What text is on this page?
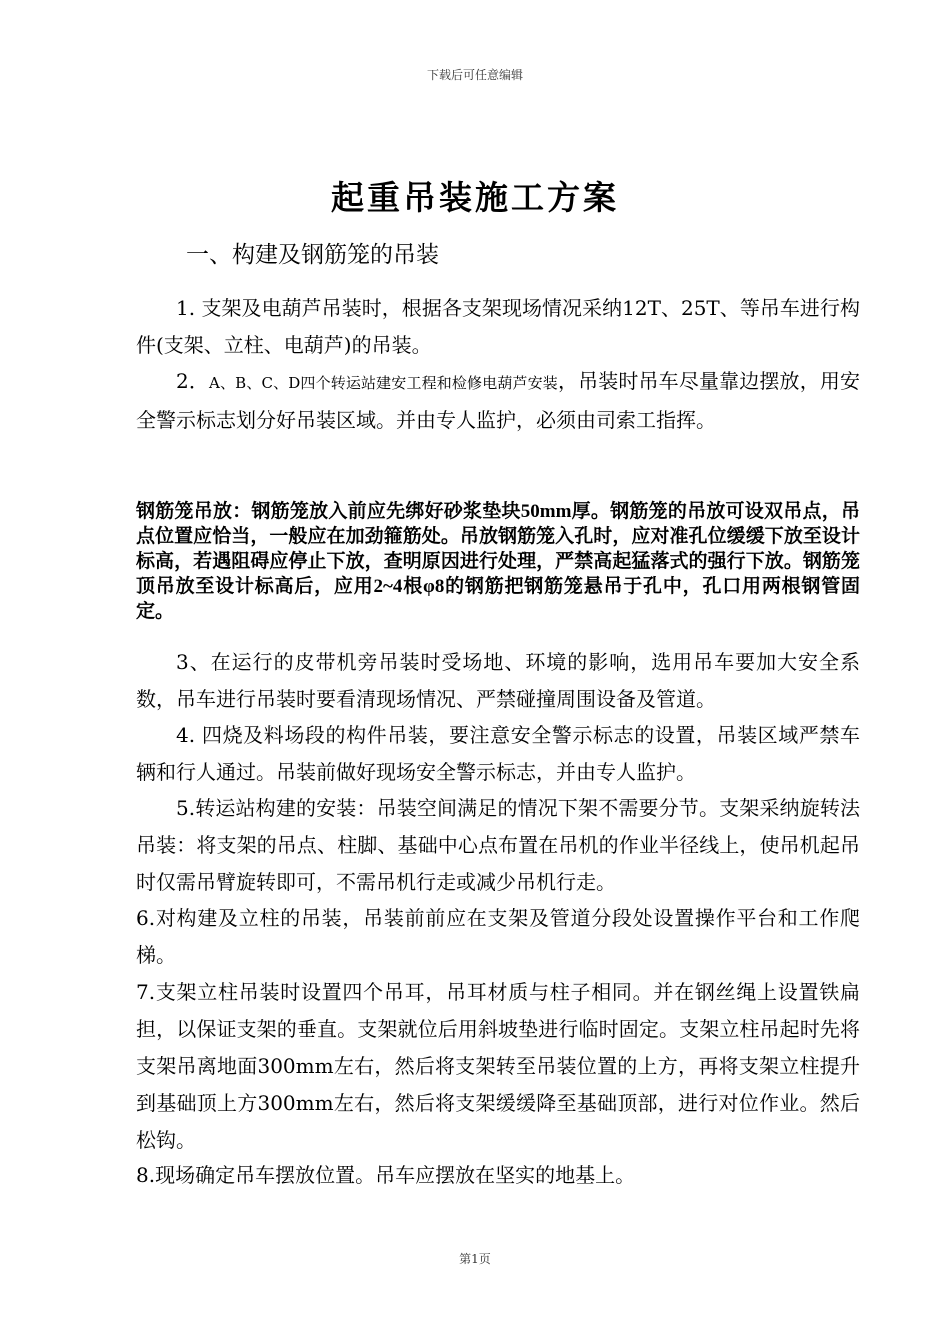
下载后可任意编辑
起重吊装施工方案
一、构建及钢筋笼的吊装

1. 支架及电葫芦吊装时，根据各支架现场情况采纳12T、25T、等吊车进行构件(支架、立柱、电葫芦)的吊装。

2．A、B、C、D四个转运站建安工程和检修电葫芦安装，吊装时吊车尽量靠边摆放，用安全警示标志划分好吊装区域。并由专人监护，必须由司索工指挥。

钢筋笼吊放：钢筋笼放入前应先绑好砂浆垫块50mm厚。钢筋笼的吊放可设双吊点，吊点位置应恰当，一般应在加劲箍筋处。吊放钢筋笼入孔时，应对准孔位缓缓下放至设计标高，若遇阻碍应停止下放，查明原因进行处理，严禁高起猛落式的强行下放。钢筋笼顶吊放至设计标高后，应用2~4根φ8的钢筋把钢筋笼悬吊于孔中，孔口用两根钢管固定。

3、在运行的皮带机旁吊装时受场地、环境的影响，选用吊车要加大安全系数，吊车进行吊装时要看清现场情况、严禁碰撞周围设备及管道。

4. 四烧及料场段的构件吊装，要注意安全警示标志的设置，吊装区域严禁车辆和行人通过。吊装前做好现场安全警示标志，并由专人监护。

5.转运站构建的安装：吊装空间满足的情况下架不需要分节。支架采纳旋转法吊装：将支架的吊点、柱脚、基础中心点布置在吊机的作业半径线上，使吊机起吊时仅需吊臂旋转即可，不需吊机行走或减少吊机行走。

6.对构建及立柱的吊装，吊装前前应在支架及管道分段处设置操作平台和工作爬梯。

7.支架立柱吊装时设置四个吊耳，吊耳材质与柱子相同。并在钢丝绳上设置铁扁担，以保证支架的垂直。支架就位后用斜坡垫进行临时固定。支架立柱吊起时先将支架吊离地面300mm左右，然后将支架转至吊装位置的上方，再将支架立柱提升到基础顶上方300mm左右，然后将支架缓缓降至基础顶部，进行对位作业。然后松钩。

8.现场确定吊车摆放位置。吊车应摆放在坚实的地基上。

第1页
